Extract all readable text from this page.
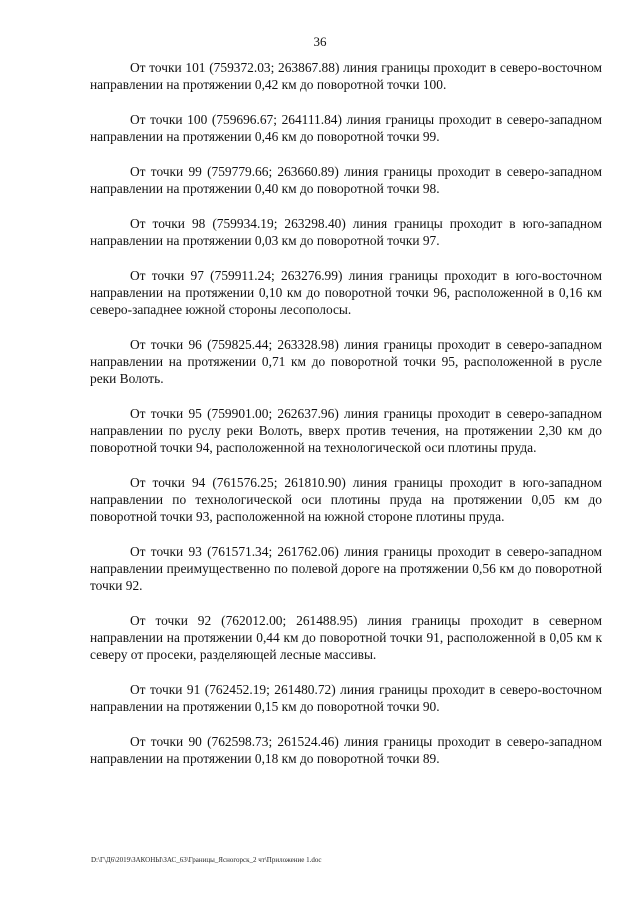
36

От точки 101 (759372.03; 263867.88) линия границы проходит в северо-восточном направлении на протяжении 0,42 км до поворотной точки 100.

От точки 100 (759696.67; 264111.84) линия границы проходит в северо-западном направлении на протяжении 0,46 км до поворотной точки 99.

От точки 99 (759779.66; 263660.89) линия границы проходит в северо-западном направлении на протяжении 0,40 км до поворотной точки 98.

От точки 98 (759934.19; 263298.40) линия границы проходит в юго-западном направлении на протяжении 0,03 км до поворотной точки 97.

От точки 97 (759911.24; 263276.99) линия границы проходит в юго-восточном направлении на протяжении 0,10 км до поворотной точки 96, расположенной в 0,16 км северо-западнее южной стороны лесополосы.

От точки 96 (759825.44; 263328.98) линия границы проходит в северо-западном направлении на протяжении 0,71 км до поворотной точки 95, расположенной в русле реки Волоть.

От точки 95 (759901.00; 262637.96) линия границы проходит в северо-западном направлении по руслу реки Волоть, вверх против течения, на протяжении 2,30 км до поворотной точки 94, расположенной на технологической оси плотины пруда.

От точки 94 (761576.25; 261810.90) линия границы проходит в юго-западном направлении по технологической оси плотины пруда на протяжении 0,05 км до поворотной точки 93, расположенной на южной стороне плотины пруда.

От точки 93 (761571.34; 261762.06) линия границы проходит в северо-западном направлении преимущественно по полевой дороге на протяжении 0,56 км до поворотной точки 92.

От точки 92 (762012.00; 261488.95) линия границы проходит в северном направлении на протяжении 0,44 км до поворотной точки 91, расположенной в 0,05 км к северу от просеки, разделяющей лесные массивы.

От точки 91 (762452.19; 261480.72) линия границы проходит в северо-восточном направлении на протяжении 0,15 км до поворотной точки 90.

От точки 90 (762598.73; 261524.46) линия границы проходит в северо-западном направлении на протяжении 0,18 км до поворотной точки 89.

D:\Г\Д6\2019\ЗАКОНЫ\ЗАС_63\Границы_Ясногорск_2 чт\Приложение 1.doc
